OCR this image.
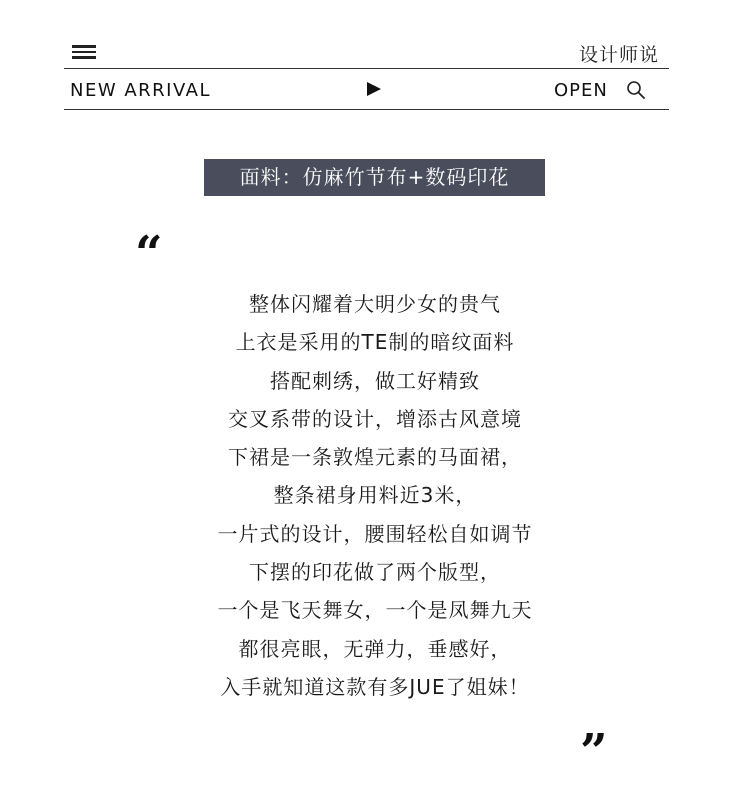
设计师说
NEW ARRIVAL	OPEN
面料：仿麻竹节布+数码印花
“
整体闪耀着大明少女的贵气
上衣是采用的TE制的暗纹面料
搭配刺绣，做工好精致
交叉系带的设计，增添古风意境
下裙是一条敦煌元素的马面裙，
整条裙身用料近3米，
一片式的设计，腰围轻松自如调节
下摆的印花做了两个版型，
一个是飞天舞女，一个是凤舞九天
都很亮眼，无弹力，垂感好，
入手就知道这款有多JUE了姐妹！
”
